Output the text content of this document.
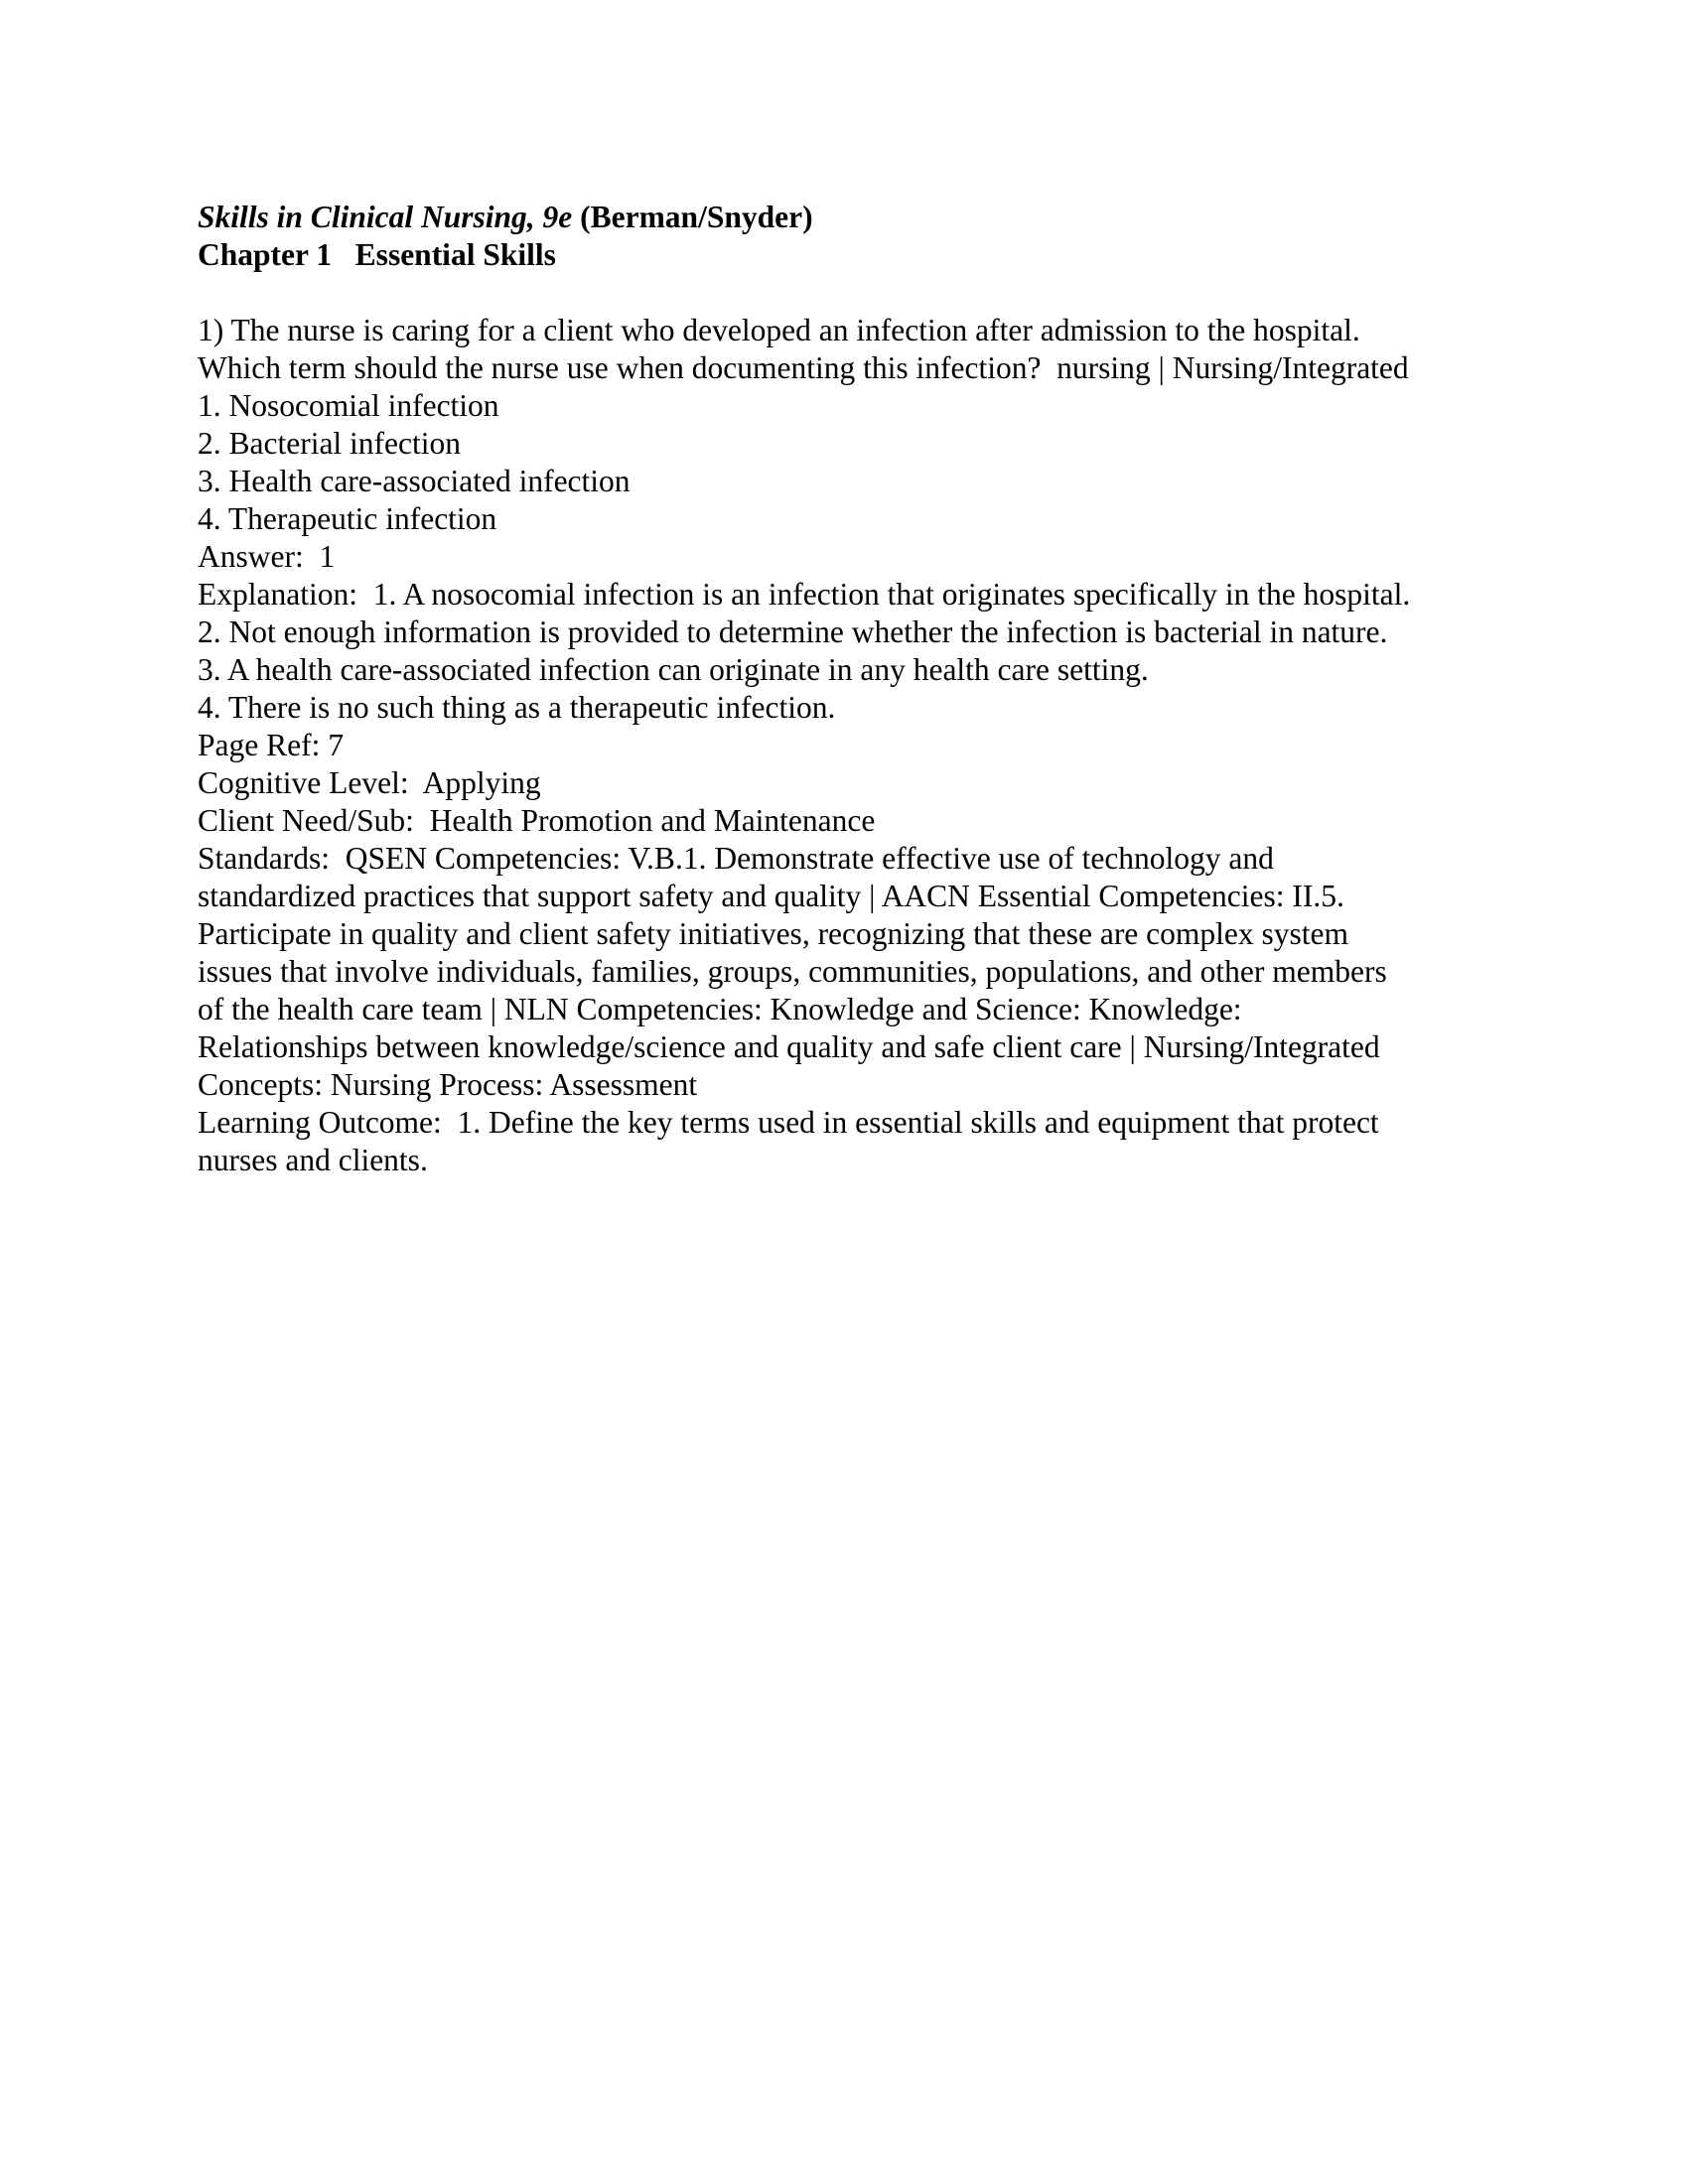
Skills in Clinical Nursing, 9e (Berman/Snyder)
Chapter 1   Essential Skills
1) The nurse is caring for a client who developed an infection after admission to the hospital.
Which term should the nurse use when documenting this infection?  nursing | Nursing/Integrated
1. Nosocomial infection
2. Bacterial infection
3. Health care-associated infection
4. Therapeutic infection
Answer:  1
Explanation:  1. A nosocomial infection is an infection that originates specifically in the hospital.
2. Not enough information is provided to determine whether the infection is bacterial in nature.
3. A health care-associated infection can originate in any health care setting.
4. There is no such thing as a therapeutic infection.
Page Ref: 7
Cognitive Level:  Applying
Client Need/Sub:  Health Promotion and Maintenance
Standards:  QSEN Competencies: V.B.1. Demonstrate effective use of technology and
standardized practices that support safety and quality | AACN Essential Competencies: II.5.
Participate in quality and client safety initiatives, recognizing that these are complex system
issues that involve individuals, families, groups, communities, populations, and other members
of the health care team | NLN Competencies: Knowledge and Science: Knowledge:
Relationships between knowledge/science and quality and safe client care | Nursing/Integrated
Concepts: Nursing Process: Assessment
Learning Outcome:  1. Define the key terms used in essential skills and equipment that protect
nurses and clients.
